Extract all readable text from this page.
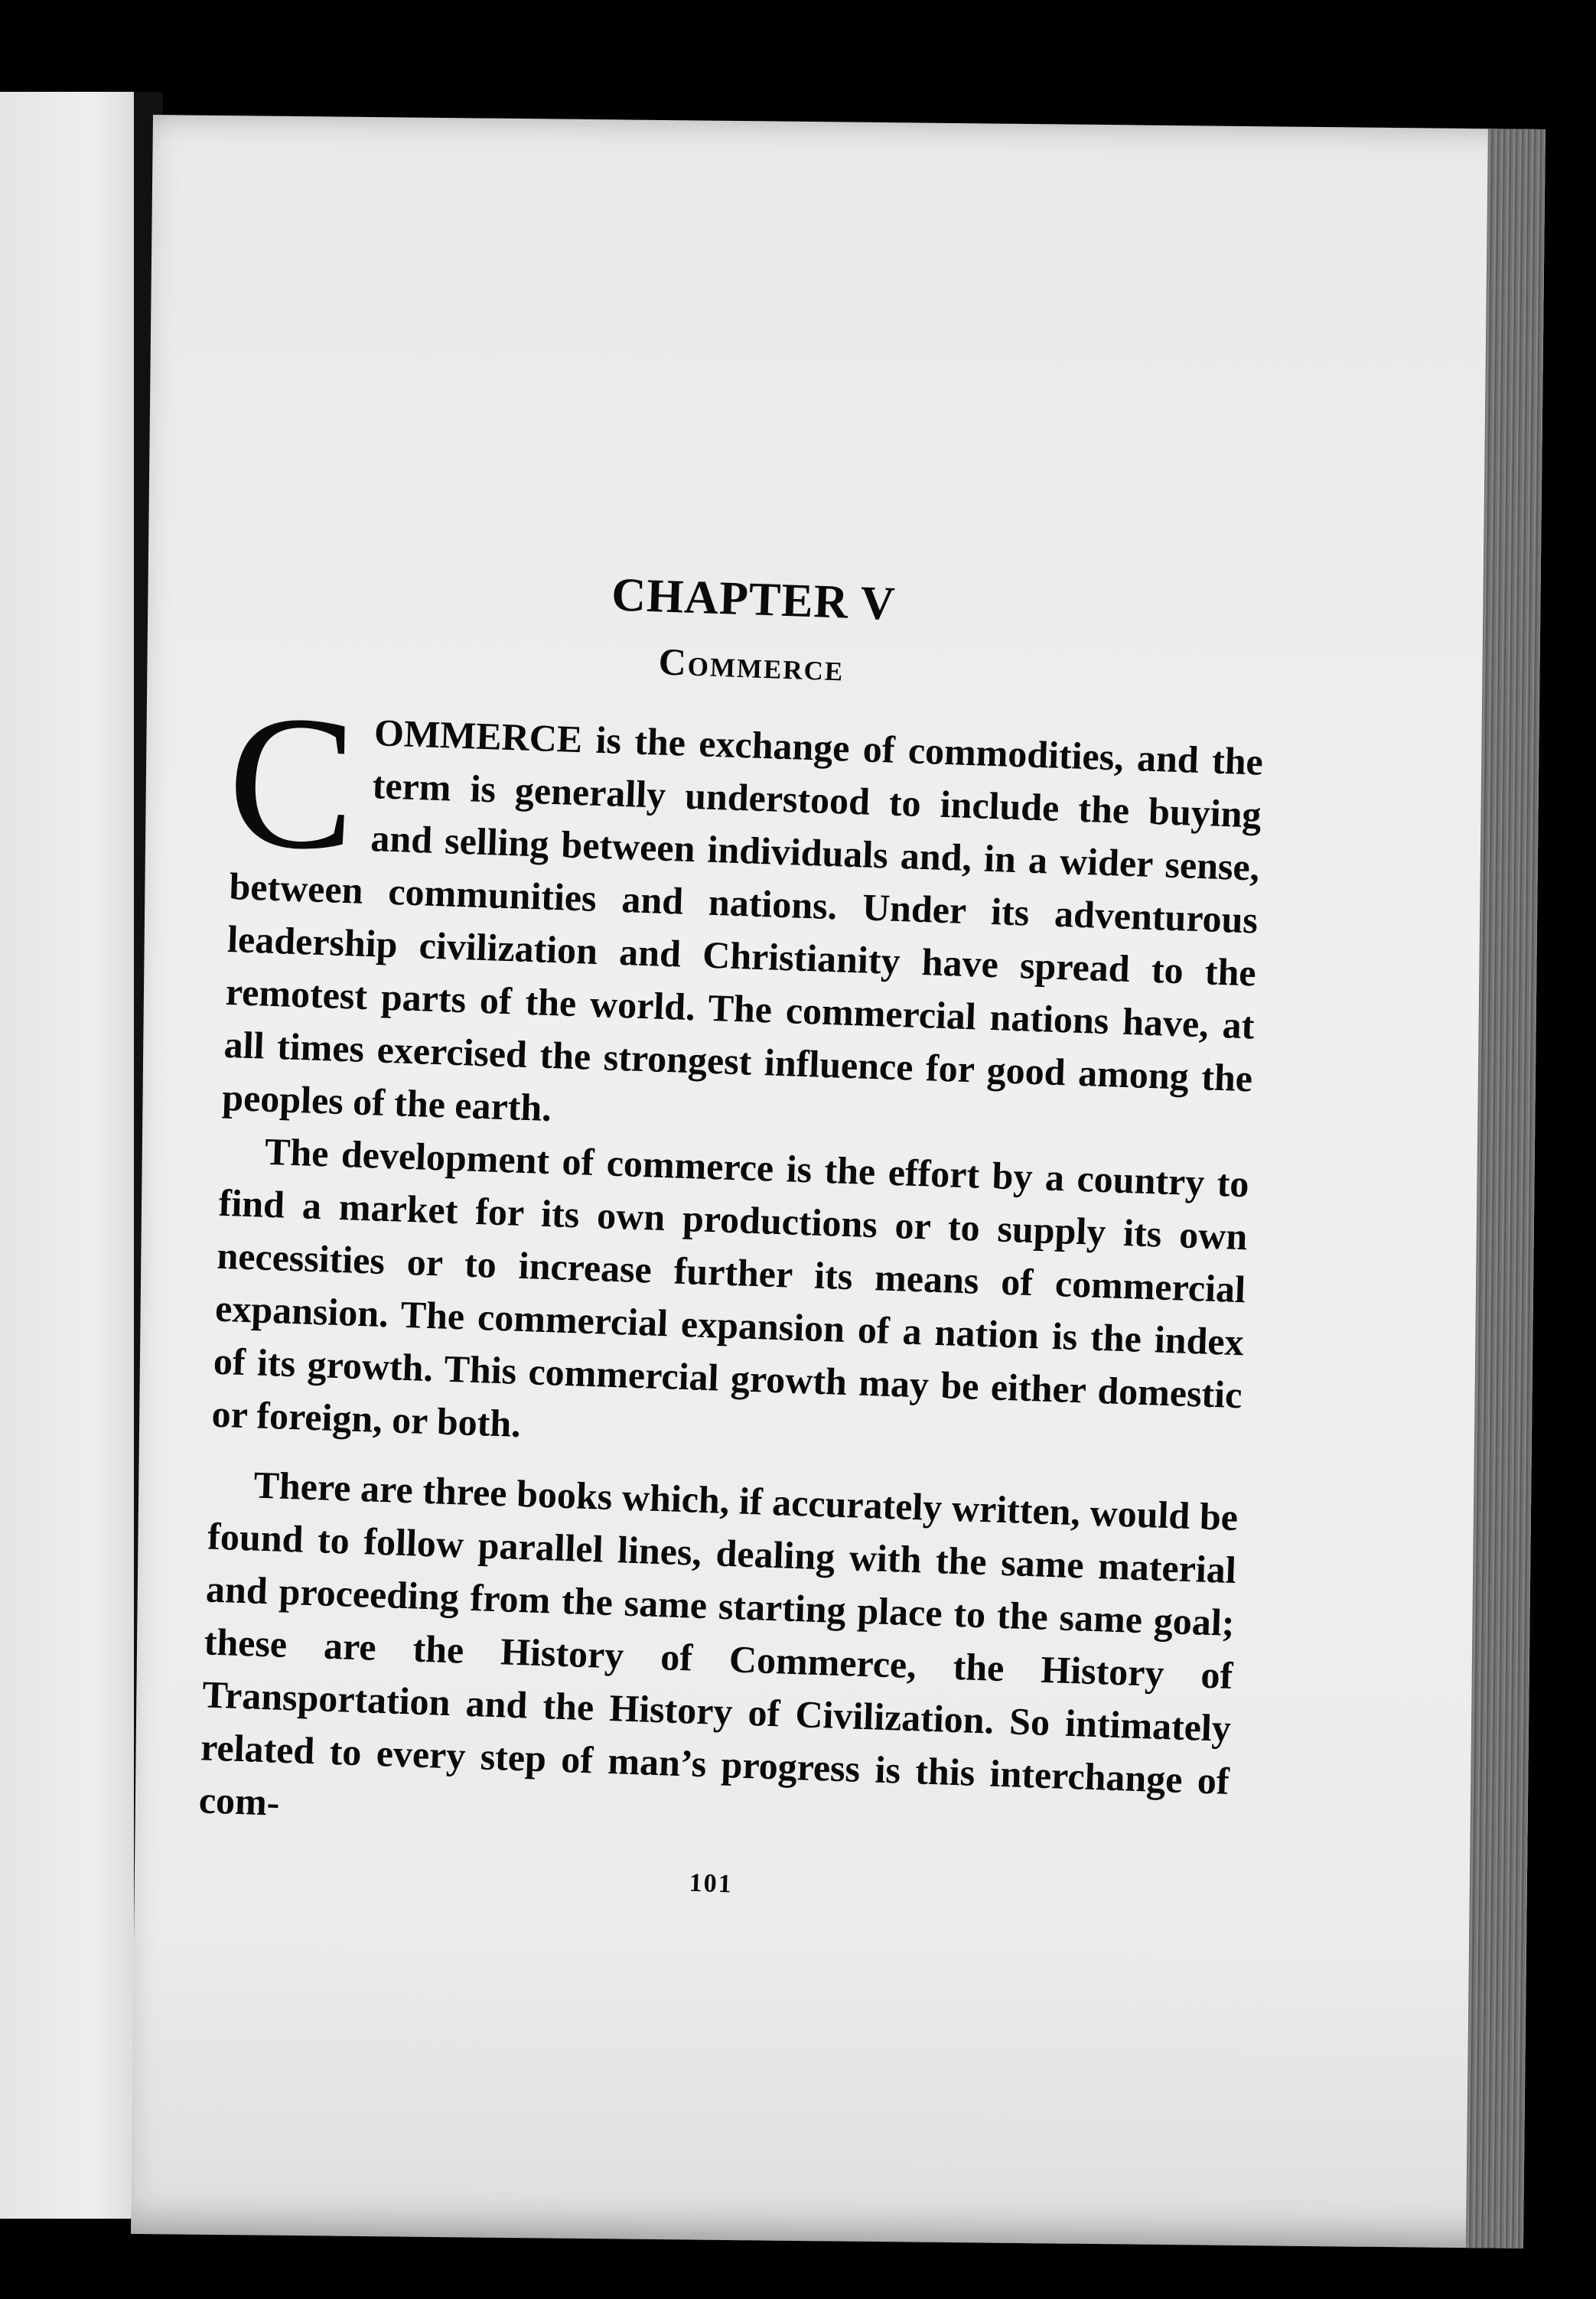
CHAPTER V
Commerce

C OMMERCE is the exchange of commodities, and the term is generally understood to include the buying and selling between individuals and, in a wider sense, between communities and nations. Under its adventurous leadership civilization and Christianity have spread to the remotest parts of the world. The commercial nations have, at all times exercised the strongest influence for good among the peoples of the earth.

The development of commerce is the effort by a country to find a market for its own productions or to supply its own necessities or to increase further its means of commercial expansion. The commercial expansion of a nation is the index of its growth. This commercial growth may be either domestic or foreign, or both.

There are three books which, if accurately written, would be found to follow parallel lines, dealing with the same material and proceeding from the same starting place to the same goal; these are the History of Commerce, the History of Transportation and the History of Civilization. So intimately related to every step of man’s progress is this interchange of com-

101
